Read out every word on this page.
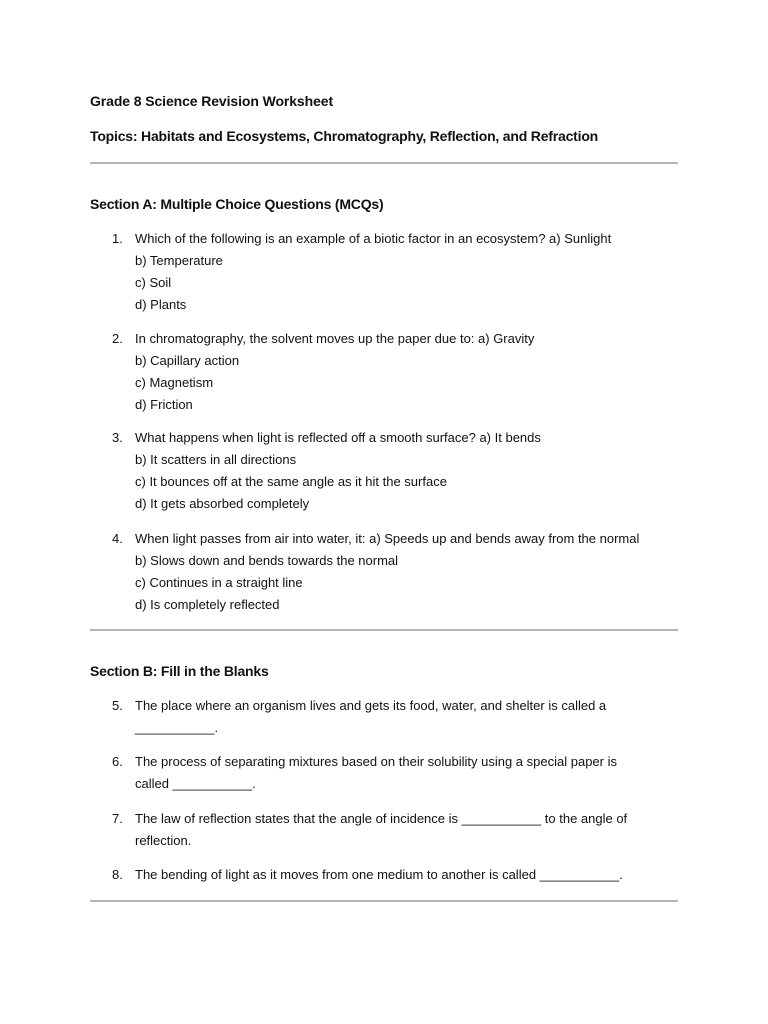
Grade 8 Science Revision Worksheet
Topics: Habitats and Ecosystems, Chromatography, Reflection, and Refraction
Section A: Multiple Choice Questions (MCQs)
1. Which of the following is an example of a biotic factor in an ecosystem? a) Sunlight
b) Temperature
c) Soil
d) Plants
2. In chromatography, the solvent moves up the paper due to: a) Gravity
b) Capillary action
c) Magnetism
d) Friction
3. What happens when light is reflected off a smooth surface? a) It bends
b) It scatters in all directions
c) It bounces off at the same angle as it hit the surface
d) It gets absorbed completely
4. When light passes from air into water, it: a) Speeds up and bends away from the normal
b) Slows down and bends towards the normal
c) Continues in a straight line
d) Is completely reflected
Section B: Fill in the Blanks
5. The place where an organism lives and gets its food, water, and shelter is called a
___________.
6. The process of separating mixtures based on their solubility using a special paper is
called ___________.
7. The law of reflection states that the angle of incidence is ___________ to the angle of
reflection.
8. The bending of light as it moves from one medium to another is called ___________.
